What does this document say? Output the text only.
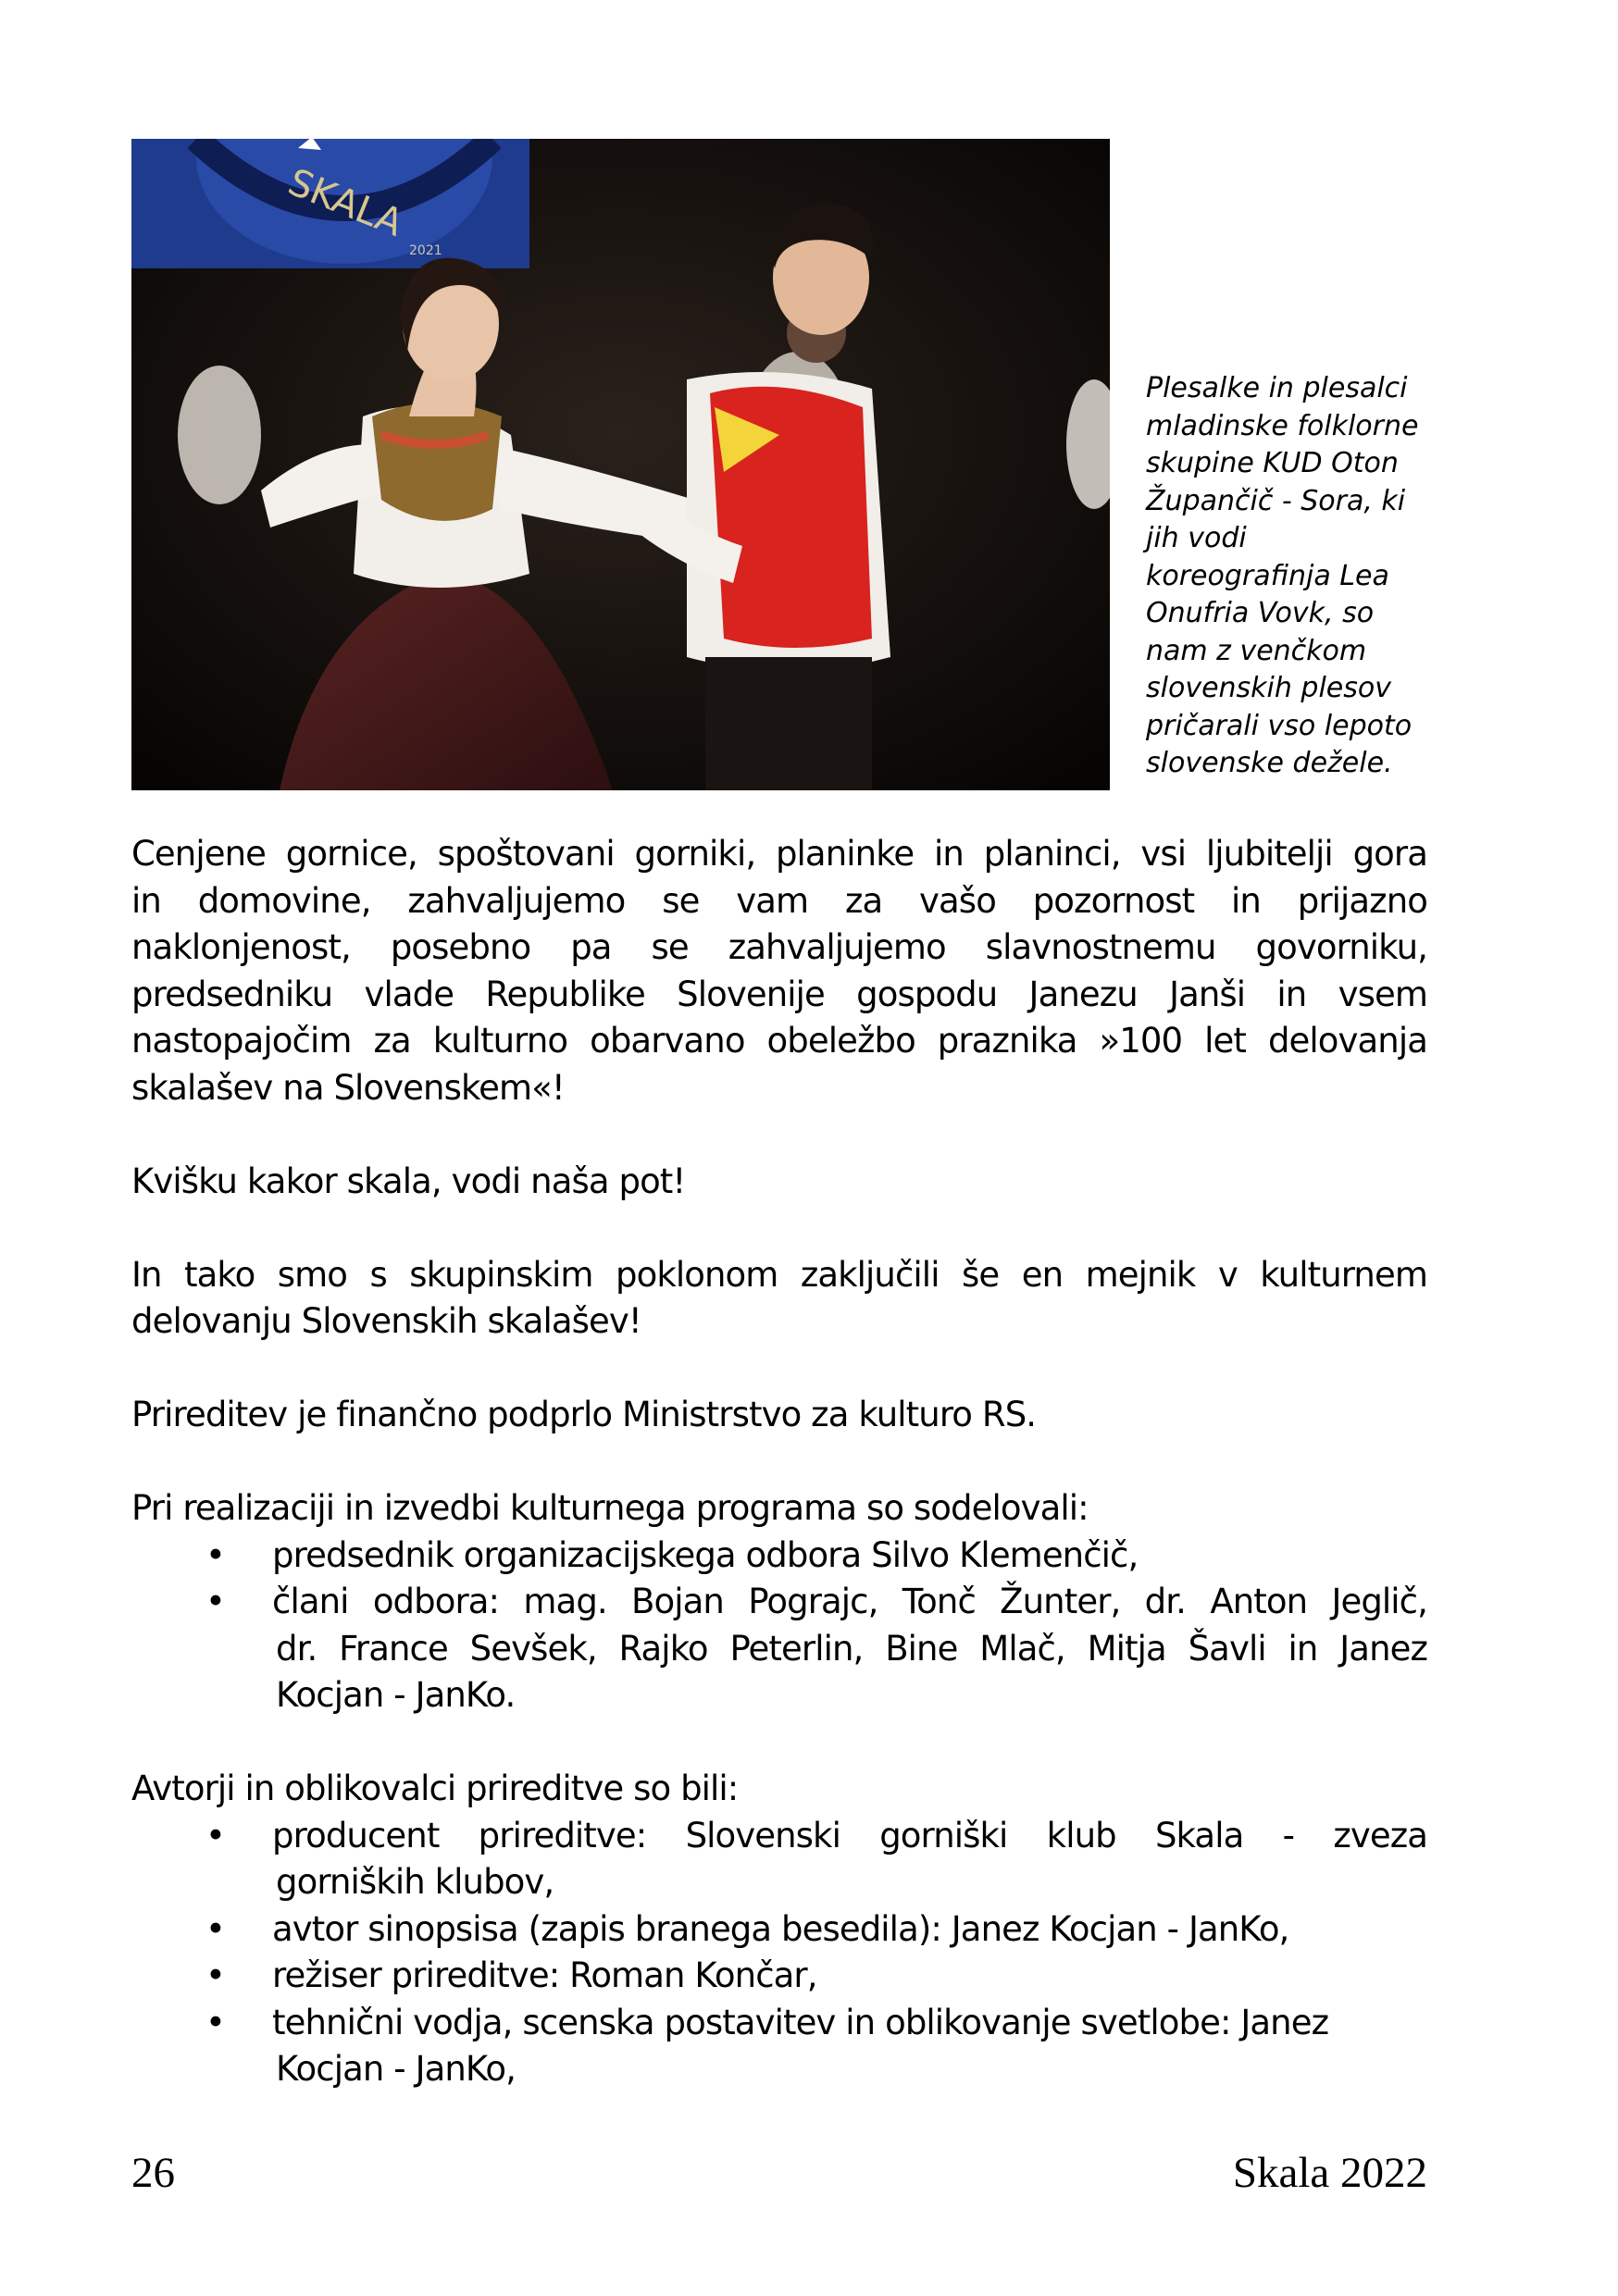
SKALA
2021
Plesalke in plesalci
mladinske folklorne
skupine KUD Oton
Župančič - Sora, ki
jih vodi
koreografinja Lea
Onufria Vovk, so
nam z venčkom
slovenskih plesov
pričarali vso lepoto
slovenske dežele.
Cenjene gornice, spoštovani gorniki, planinke in planinci, vsi ljubitelji gora
in domovine, zahvaljujemo se vam za vašo pozornost in prijazno
naklonjenost, posebno pa se zahvaljujemo slavnostnemu govorniku,
predsedniku vlade Republike Slovenije gospodu Janezu Janši in vsem
nastopajočim za kulturno obarvano obeležbo praznika »100 let delovanja
skalašev na Slovenskem«!
Kvišku kakor skala, vodi naša pot!
In tako smo s skupinskim poklonom zaključili še en mejnik v kulturnem
delovanju Slovenskih skalašev!
Prireditev je finančno podprlo Ministrstvo za kulturo RS.
Pri realizaciji in izvedbi kulturnega programa so sodelovali:
• predsednik organizacijskega odbora Silvo Klemenčič,
• člani odbora: mag. Bojan Pograjc, Tonč Žunter, dr. Anton Jeglič,
dr. France Sevšek, Rajko Peterlin, Bine Mlač, Mitja Šavli in Janez
Kocjan - JanKo.
Avtorji in oblikovalci prireditve so bili:
• producent prireditve: Slovenski gorniški klub Skala - zveza
gorniških klubov,
• avtor sinopsisa (zapis branega besedila): Janez Kocjan - JanKo,
• režiser prireditve: Roman Končar,
• tehnični vodja, scenska postavitev in oblikovanje svetlobe: Janez
Kocjan - JanKo,
26	Skala 2022
